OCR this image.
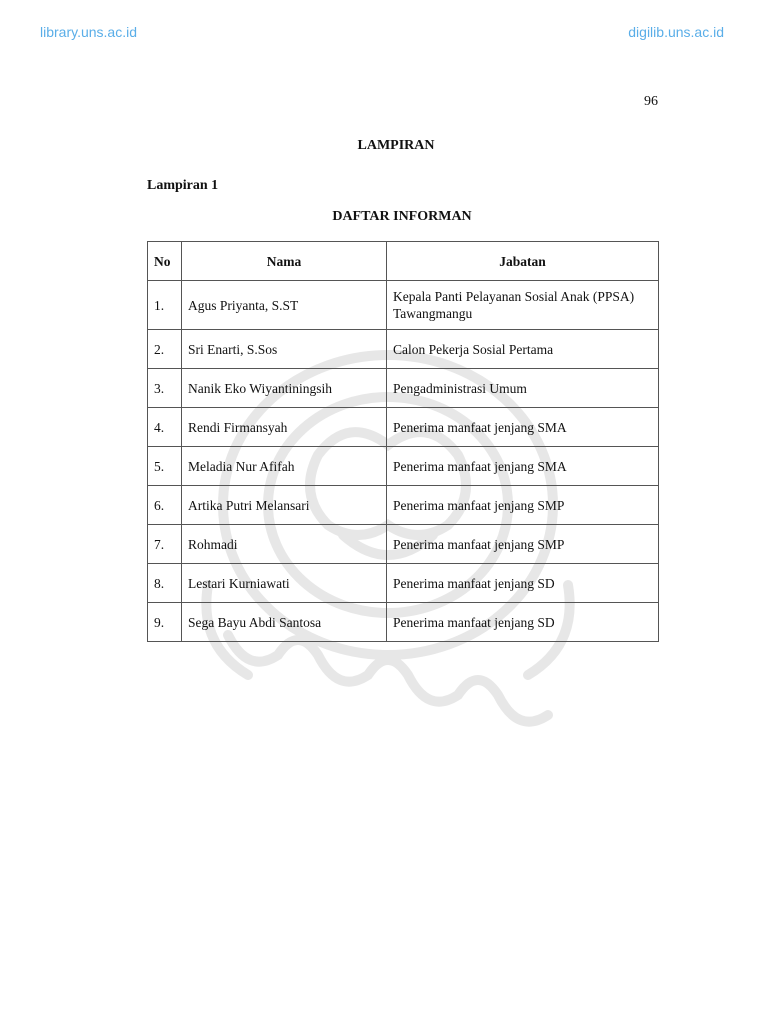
library.uns.ac.id	digilib.uns.ac.id
96
LAMPIRAN
Lampiran 1
DAFTAR INFORMAN
No	Nama	Jabatan
1.	Agus Priyanta, S.ST	Kepala Panti Pelayanan Sosial Anak (PPSA) Tawangmangu
2.	Sri Enarti, S.Sos	Calon Pekerja Sosial Pertama
3.	Nanik Eko Wiyantiningsih	Pengadministrasi Umum
4.	Rendi Firmansyah	Penerima manfaat jenjang SMA
5.	Meladia Nur Afifah	Penerima manfaat jenjang SMA
6.	Artika Putri Melansari	Penerima manfaat jenjang SMP
7.	Rohmadi	Penerima manfaat jenjang SMP
8.	Lestari Kurniawati	Penerima manfaat jenjang SD
9.	Sega Bayu Abdi Santosa	Penerima manfaat jenjang SD
